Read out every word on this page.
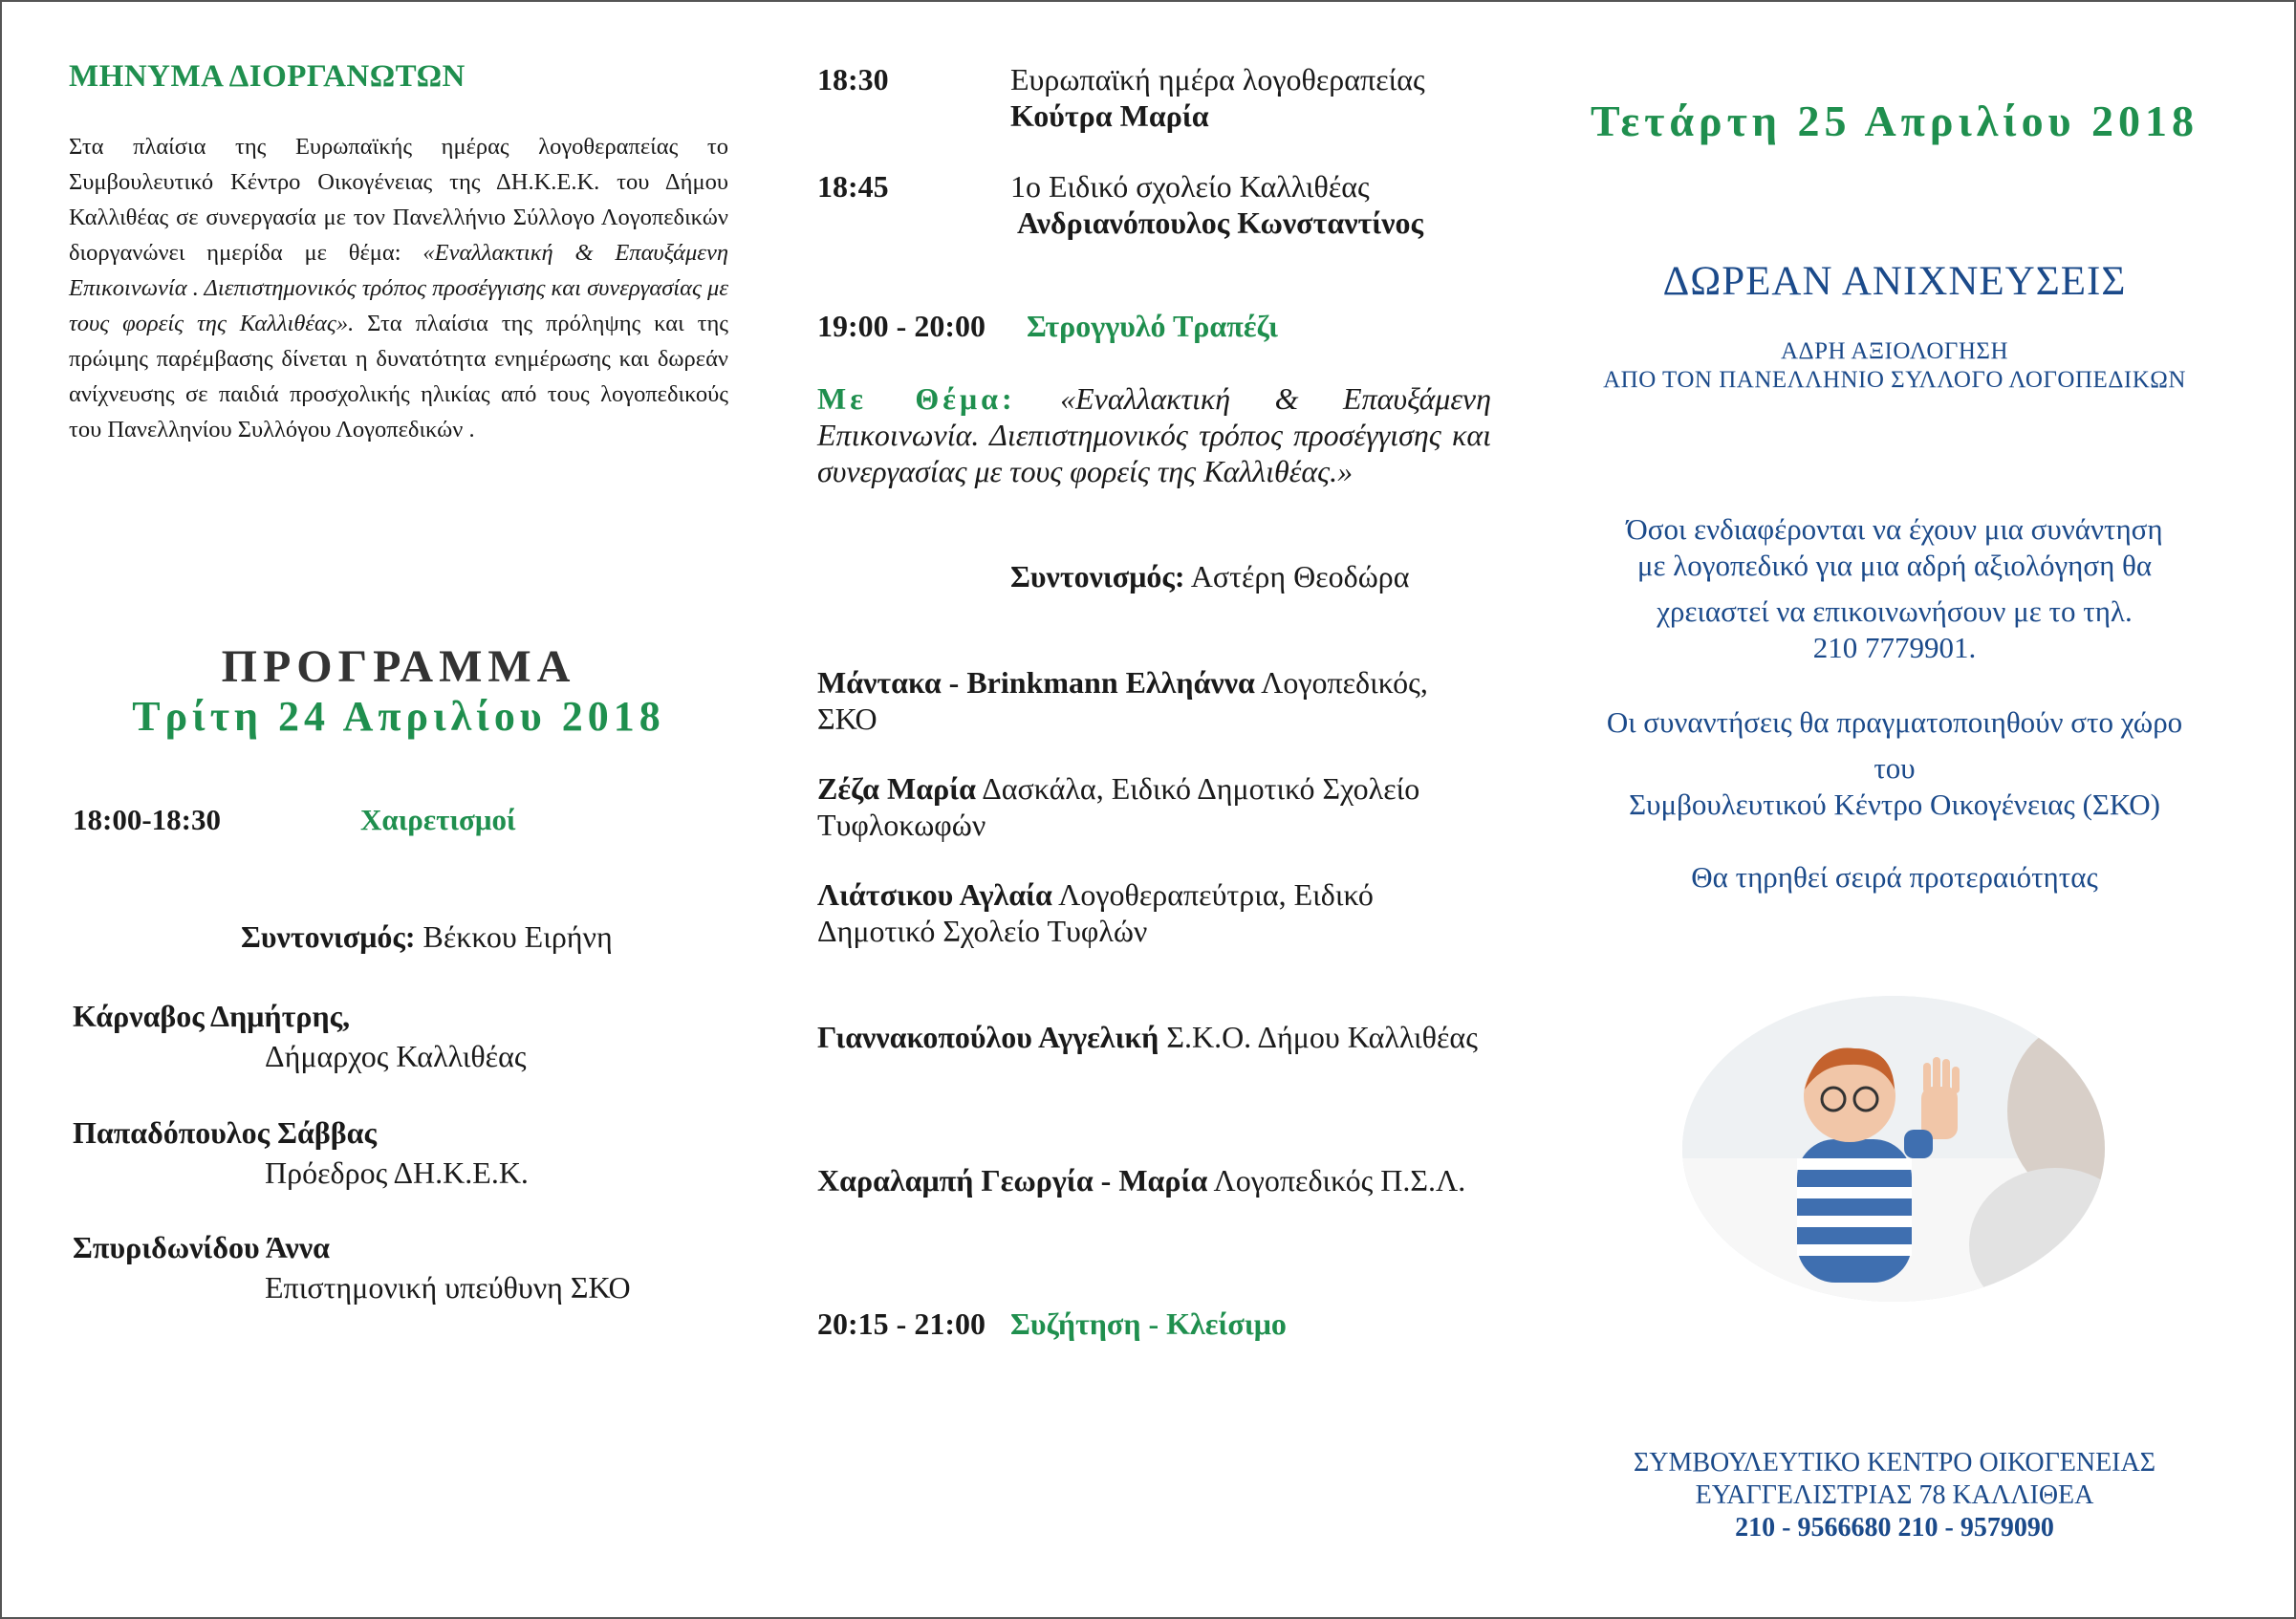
ΜΗΝΥΜΑ ΔΙΟΡΓΑΝΩΤΩΝ
Στα πλαίσια της Ευρωπαϊκής ημέρας λογοθεραπείας το Συμβουλευτικό Κέντρο Οικογένειας της ΔΗ.Κ.Ε.Κ. του Δήμου Καλλιθέας σε συνεργασία με τον Πανελλήνιο Σύλλογο Λογοπεδικών διοργανώνει ημερίδα με θέμα: «Εναλλακτική & Επαυξάμενη Επικοινωνία . Διεπιστημονικός τρόπος προσέγγισης και συνεργασίας με τους φορείς της Καλλιθέας». Στα πλαίσια της πρόληψης και της πρώιμης παρέμβασης δίνεται η δυνατότητα ενημέρωσης και δωρεάν ανίχνευσης σε παιδιά προσχολικής ηλικίας από τους λογοπεδικούς του Πανελληνίου Συλλόγου Λογοπεδικών .
ΠΡΟΓΡΑΜΜΑ
Τρίτη 24 Απριλίου 2018
18:00-18:30	Χαιρετισμοί
Συντονισμός: Βέκκου Ειρήνη
Κάρναβος Δημήτρης,
Δήμαρχος Καλλιθέας
Παπαδόπουλος Σάββας
Πρόεδρος ΔΗ.Κ.Ε.Κ.
Σπυριδωνίδου Άννα
Επιστημονική υπεύθυνη ΣΚΟ
18:30	Ευρωπαϊκή ημέρα λογοθεραπείας
Κούτρα Μαρία
18:45	1ο Ειδικό σχολείο Καλλιθέας
Ανδριανόπουλος Κωνσταντίνος
19:00 - 20:00 Στρογγυλό Τραπέζι
Με Θέμα: «Εναλλακτική & Επαυξάμενη Επικοινωνία. Διεπιστημονικός τρόπος προσέγγισης και συνεργασίας με τους φορείς της Καλλιθέας.»
Συντονισμός: Αστέρη Θεοδώρα
Μάντακα - Brinkmann Ελληάννα Λογοπεδικός, ΣΚΟ
Ζέζα Μαρία Δασκάλα, Ειδικό Δημοτικό Σχολείο Τυφλοκωφών
Λιάτσικου Αγλαία Λογοθεραπεύτρια, Ειδικό Δημοτικό Σχολείο Τυφλών
Γιαννακοπούλου Αγγελική Σ.Κ.Ο. Δήμου Καλλιθέας
Χαραλαμπή Γεωργία - Μαρία Λογοπεδικός Π.Σ.Λ.
20:15 - 21:00 Συζήτηση - Κλείσιμο
Τετάρτη 25 Απριλίου 2018
ΔΩΡΕΑΝ ΑΝΙΧΝΕΥΣΕΙΣ
ΑΔΡΗ ΑΞΙΟΛΟΓΗΣΗ
ΑΠΟ ΤΟΝ ΠΑΝΕΛΛΗΝΙΟ ΣΥΛΛΟΓΟ ΛΟΓΟΠΕΔΙΚΩΝ
Όσοι ενδιαφέρονται να έχουν μια συνάντηση
με λογοπεδικό για μια αδρή αξιολόγηση θα
χρειαστεί να επικοινωνήσουν με το τηλ.
210 7779901.
Οι συναντήσεις θα πραγματοποιηθούν στο χώρο
του
Συμβουλευτικού Κέντρο Οικογένειας (ΣΚΟ)
Θα τηρηθεί σειρά προτεραιότητας
ΣΥΜΒΟΥΛΕΥΤΙΚΟ ΚΕΝΤΡΟ ΟΙΚΟΓΕΝΕΙΑΣ
ΕΥΑΓΓΕΛΙΣΤΡΙΑΣ 78 ΚΑΛΛΙΘΕΑ
210 - 9566680 210 - 9579090
